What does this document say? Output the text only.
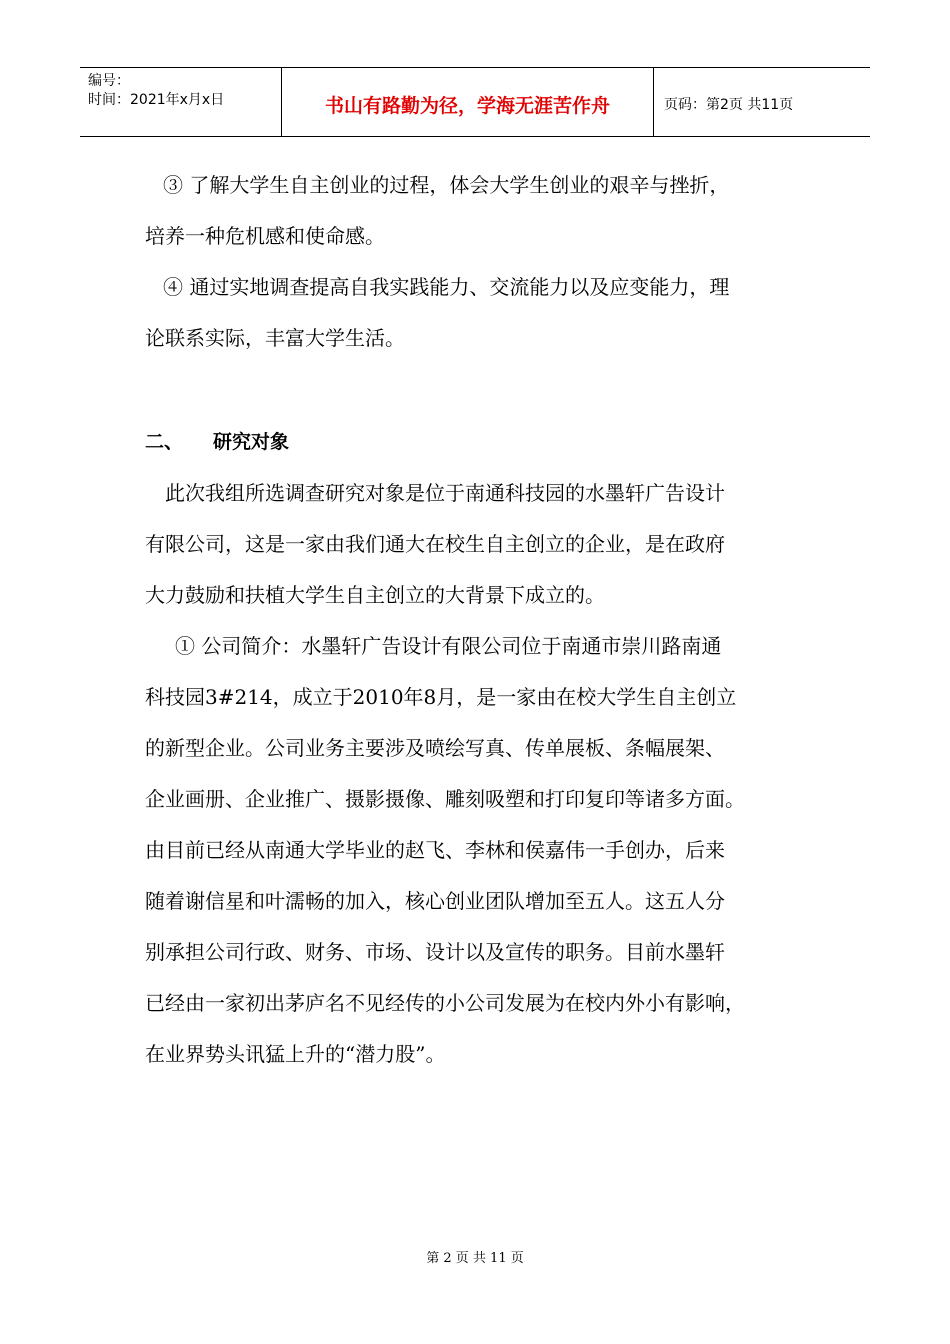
编号：
时间：2021年x月x日	书山有路勤为径，学海无涯苦作舟	页码：第2页 共11页

③ 了解大学生自主创业的过程，体会大学生创业的艰辛与挫折，

培养一种危机感和使命感。

④ 通过实地调查提高自我实践能力、交流能力以及应变能力，理

论联系实际，丰富大学生活。

二、 研究对象

此次我组所选调查研究对象是位于南通科技园的水墨轩广告设计

有限公司，这是一家由我们通大在校生自主创立的企业，是在政府

大力鼓励和扶植大学生自主创立的大背景下成立的。

① 公司简介：水墨轩广告设计有限公司位于南通市崇川路南通

科技园3#214，成立于2010年8月，是一家由在校大学生自主创立

的新型企业。公司业务主要涉及喷绘写真、传单展板、条幅展架、

企业画册、企业推广、摄影摄像、雕刻吸塑和打印复印等诸多方面。

由目前已经从南通大学毕业的赵飞、李林和侯嘉伟一手创办，后来

随着谢信星和叶濡畅的加入，核心创业团队增加至五人。这五人分

别承担公司行政、财务、市场、设计以及宣传的职务。目前水墨轩

已经由一家初出茅庐名不见经传的小公司发展为在校内外小有影响，

在业界势头讯猛上升的“潜力股”。

第 2 页 共 11 页
